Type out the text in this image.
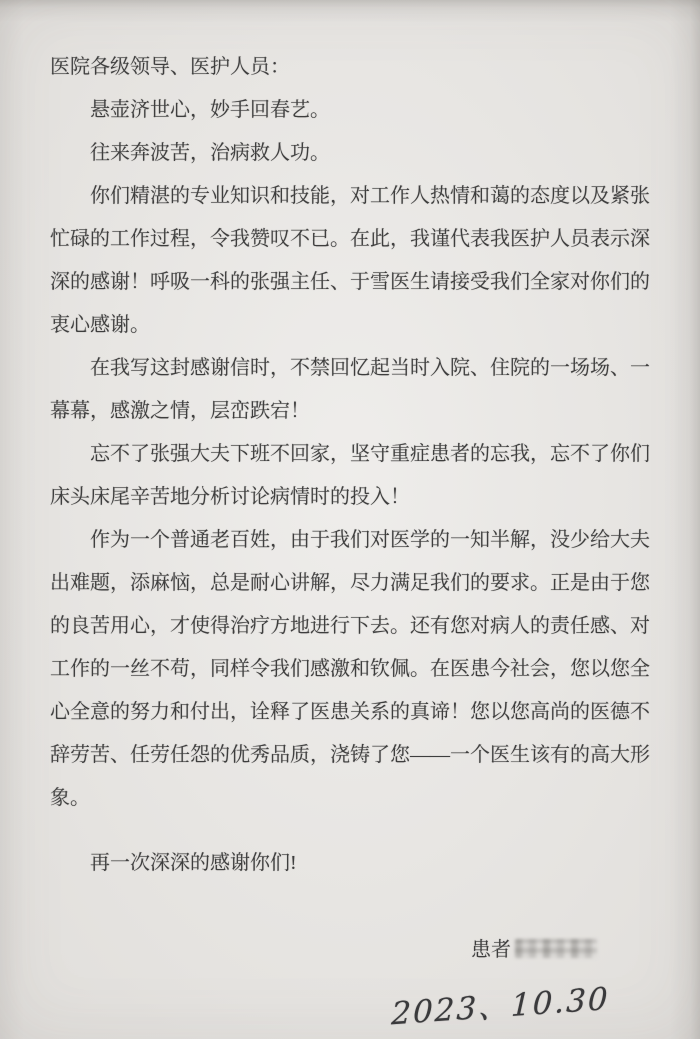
医院各级领导、医护人员：
悬壶济世心，妙手回春艺。
往来奔波苦，治病救人功。
你们精湛的专业知识和技能，对工作人热情和蔼的态度以及紧张
忙碌的工作过程，令我赞叹不已。在此，我谨代表我医护人员表示深
深的感谢！呼吸一科的张强主任、于雪医生请接受我们全家对你们的
衷心感谢。
在我写这封感谢信时，不禁回忆起当时入院、住院的一场场、一
幕幕，感激之情，层峦跌宕！
忘不了张强大夫下班不回家，坚守重症患者的忘我，忘不了你们
床头床尾辛苦地分析讨论病情时的投入！
作为一个普通老百姓，由于我们对医学的一知半解，没少给大夫
出难题，添麻恼，总是耐心讲解，尽力满足我们的要求。正是由于您
的良苦用心，才使得治疗方地进行下去。还有您对病人的责任感、对
工作的一丝不苟，同样令我们感激和钦佩。在医患今社会，您以您全
心全意的努力和付出，诠释了医患关系的真谛！您以您高尚的医德不
辞劳苦、任劳任怨的优秀品质，浇铸了您——一个医生该有的高大形
象。
再一次深深的感谢你们!
患者
2023、10.30
